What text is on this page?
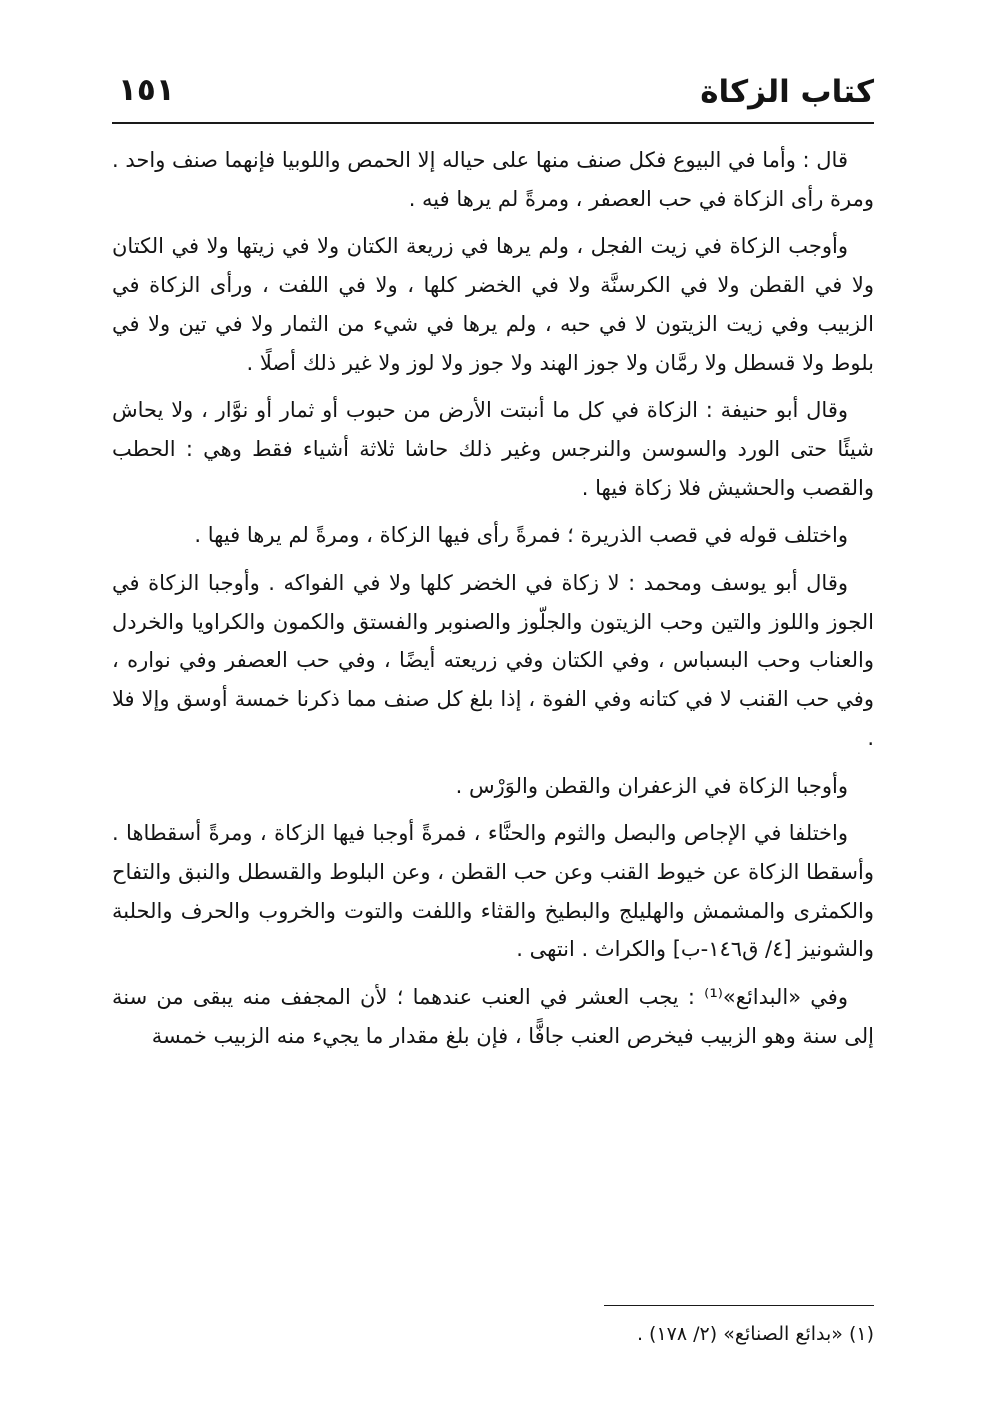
كتاب الزكاة
١٥١

قال : وأما في البيوع فكل صنف منها على حياله إلا الحمص واللوبيا فإنهما صنف واحد . ومرة رأى الزكاة في حب العصفر ، ومرةً لم يرها فيه .

وأوجب الزكاة في زيت الفجل ، ولم يرها في زريعة الكتان ولا في زيتها ولا في الكتان ولا في القطن ولا في الكرسنَّة ولا في الخضر كلها ، ولا في اللفت ، ورأى الزكاة في الزبيب وفي زيت الزيتون لا في حبه ، ولم يرها في شيء من الثمار ولا في تين ولا في بلوط ولا قسطل ولا رمَّان ولا جوز الهند ولا جوز ولا لوز ولا غير ذلك أصلًا .

وقال أبو حنيفة : الزكاة في كل ما أنبتت الأرض من حبوب أو ثمار أو نوَّار ، ولا يحاش شيئًا حتى الورد والسوسن والنرجس وغير ذلك حاشا ثلاثة أشياء فقط وهي : الحطب والقصب والحشيش فلا زكاة فيها .

واختلف قوله في قصب الذريرة ؛ فمرةً رأى فيها الزكاة ، ومرةً لم يرها فيها .

وقال أبو يوسف ومحمد : لا زكاة في الخضر كلها ولا في الفواكه . وأوجبا الزكاة في الجوز واللوز والتين وحب الزيتون والجلّوز والصنوبر والفستق والكمون والكراويا والخردل والعناب وحب البسباس ، وفي الكتان وفي زريعته أيضًا ، وفي حب العصفر وفي نواره ، وفي حب القنب لا في كتانه وفي الفوة ، إذا بلغ كل صنف مما ذكرنا خمسة أوسق وإلا فلا .

وأوجبا الزكاة في الزعفران والقطن والوَرْس .

واختلفا في الإجاص والبصل والثوم والحنَّاء ، فمرةً أوجبا فيها الزكاة ، ومرةً أسقطاها . وأسقطا الزكاة عن خيوط القنب وعن حب القطن ، وعن البلوط والقسطل والنبق والتفاح والكمثرى والمشمش والهليلج والبطيخ والقثاء واللفت والتوت والخروب والحرف والحلبة والشونيز [٤/ ق١٤٦-ب] والكراث . انتهى .

وفي «البدائع»⁽¹⁾ : يجب العشر في العنب عندهما ؛ لأن المجفف منه يبقى من سنة إلى سنة وهو الزبيب فيخرص العنب جافًّا ، فإن بلغ مقدار ما يجيء منه الزبيب خمسة

(١) «بدائع الصنائع» (٢/ ١٧٨) .
